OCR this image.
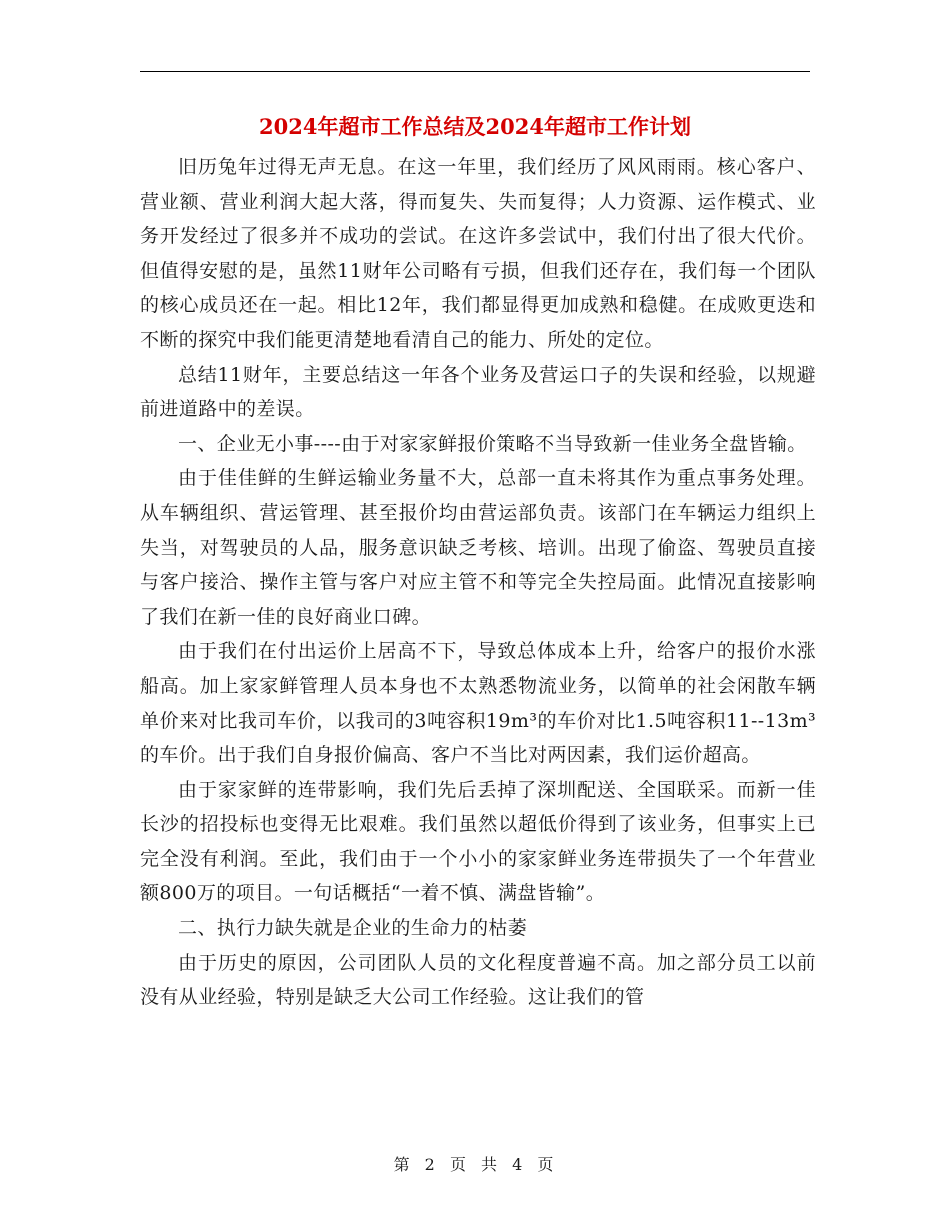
2024年超市工作总结及2024年超市工作计划

旧历兔年过得无声无息。在这一年里，我们经历了风风雨雨。核心客户、营业额、营业利润大起大落，得而复失、失而复得；人力资源、运作模式、业务开发经过了很多并不成功的尝试。在这许多尝试中，我们付出了很大代价。但值得安慰的是，虽然11财年公司略有亏损，但我们还存在，我们每一个团队的核心成员还在一起。相比12年，我们都显得更加成熟和稳健。在成败更迭和不断的探究中我们能更清楚地看清自己的能力、所处的定位。

总结11财年，主要总结这一年各个业务及营运口子的失误和经验，以规避前进道路中的差误。

一、企业无小事----由于对家家鲜报价策略不当导致新一佳业务全盘皆输。

由于佳佳鲜的生鲜运输业务量不大，总部一直未将其作为重点事务处理。从车辆组织、营运管理、甚至报价均由营运部负责。该部门在车辆运力组织上失当，对驾驶员的人品，服务意识缺乏考核、培训。出现了偷盗、驾驶员直接与客户接洽、操作主管与客户对应主管不和等完全失控局面。此情况直接影响了我们在新一佳的良好商业口碑。

由于我们在付出运价上居高不下，导致总体成本上升，给客户的报价水涨船高。加上家家鲜管理人员本身也不太熟悉物流业务，以简单的社会闲散车辆单价来对比我司车价，以我司的3吨容积19m³的车价对比1.5吨容积11--13m³的车价。出于我们自身报价偏高、客户不当比对两因素，我们运价超高。

由于家家鲜的连带影响，我们先后丢掉了深圳配送、全国联采。而新一佳长沙的招投标也变得无比艰难。我们虽然以超低价得到了该业务，但事实上已完全没有利润。至此，我们由于一个小小的家家鲜业务连带损失了一个年营业额800万的项目。一句话概括“一着不慎、满盘皆输”。

二、执行力缺失就是企业的生命力的枯萎

由于历史的原因，公司团队人员的文化程度普遍不高。加之部分员工以前没有从业经验，特别是缺乏大公司工作经验。这让我们的管

第 2 页 共 4 页
